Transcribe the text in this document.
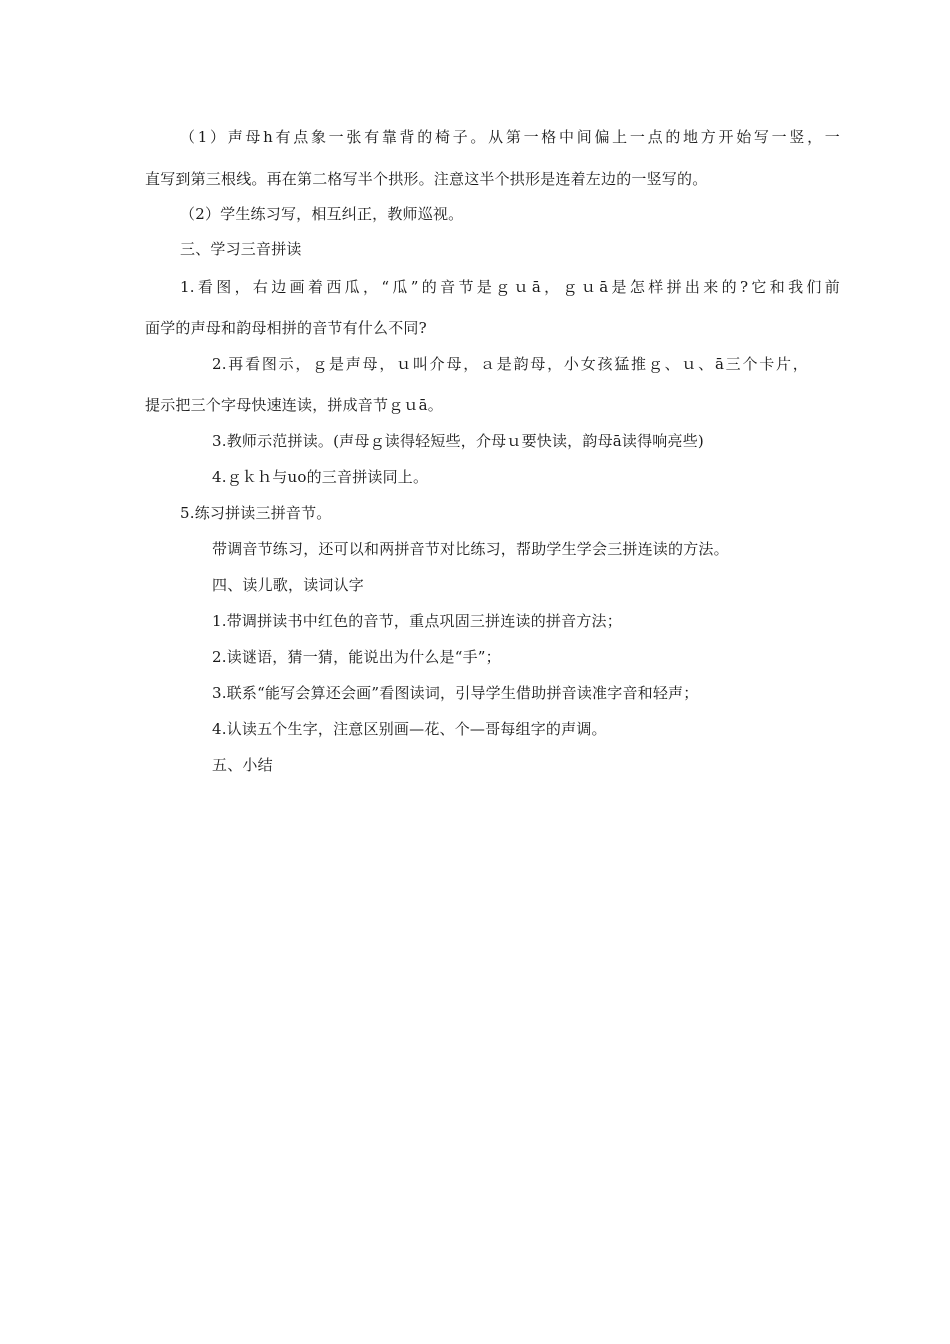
（1）声母h有点象一张有靠背的椅子。从第一格中间偏上一点的地方开始写一竖，一
直写到第三根线。再在第二格写半个拱形。注意这半个拱形是连着左边的一竖写的。
（2）学生练习写，相互纠正，教师巡视。
三、学习三音拼读
1.看图，右边画着西瓜，“瓜”的音节是ｇｕā，ｇｕā是怎样拼出来的?它和我们前
面学的声母和韵母相拼的音节有什么不同?
2.再看图示，ｇ是声母，ｕ叫介母，ａ是韵母，小女孩猛推ｇ、ｕ、ā三个卡片，
提示把三个字母快速连读，拼成音节ｇｕā。
3.教师示范拼读。(声母ｇ读得轻短些，介母ｕ要快读，韵母ā读得响亮些)
4.ｇｋｈ与uo的三音拼读同上。
5.练习拼读三拼音节。
带调音节练习，还可以和两拼音节对比练习，帮助学生学会三拼连读的方法。
四、读儿歌，读词认字
1.带调拼读书中红色的音节，重点巩固三拼连读的拼音方法；
2.读谜语，猜一猜，能说出为什么是“手”；
3.联系“能写会算还会画”看图读词，引导学生借助拼音读准字音和轻声；
4.认读五个生字，注意区别画—花、个—哥每组字的声调。
五、小结
